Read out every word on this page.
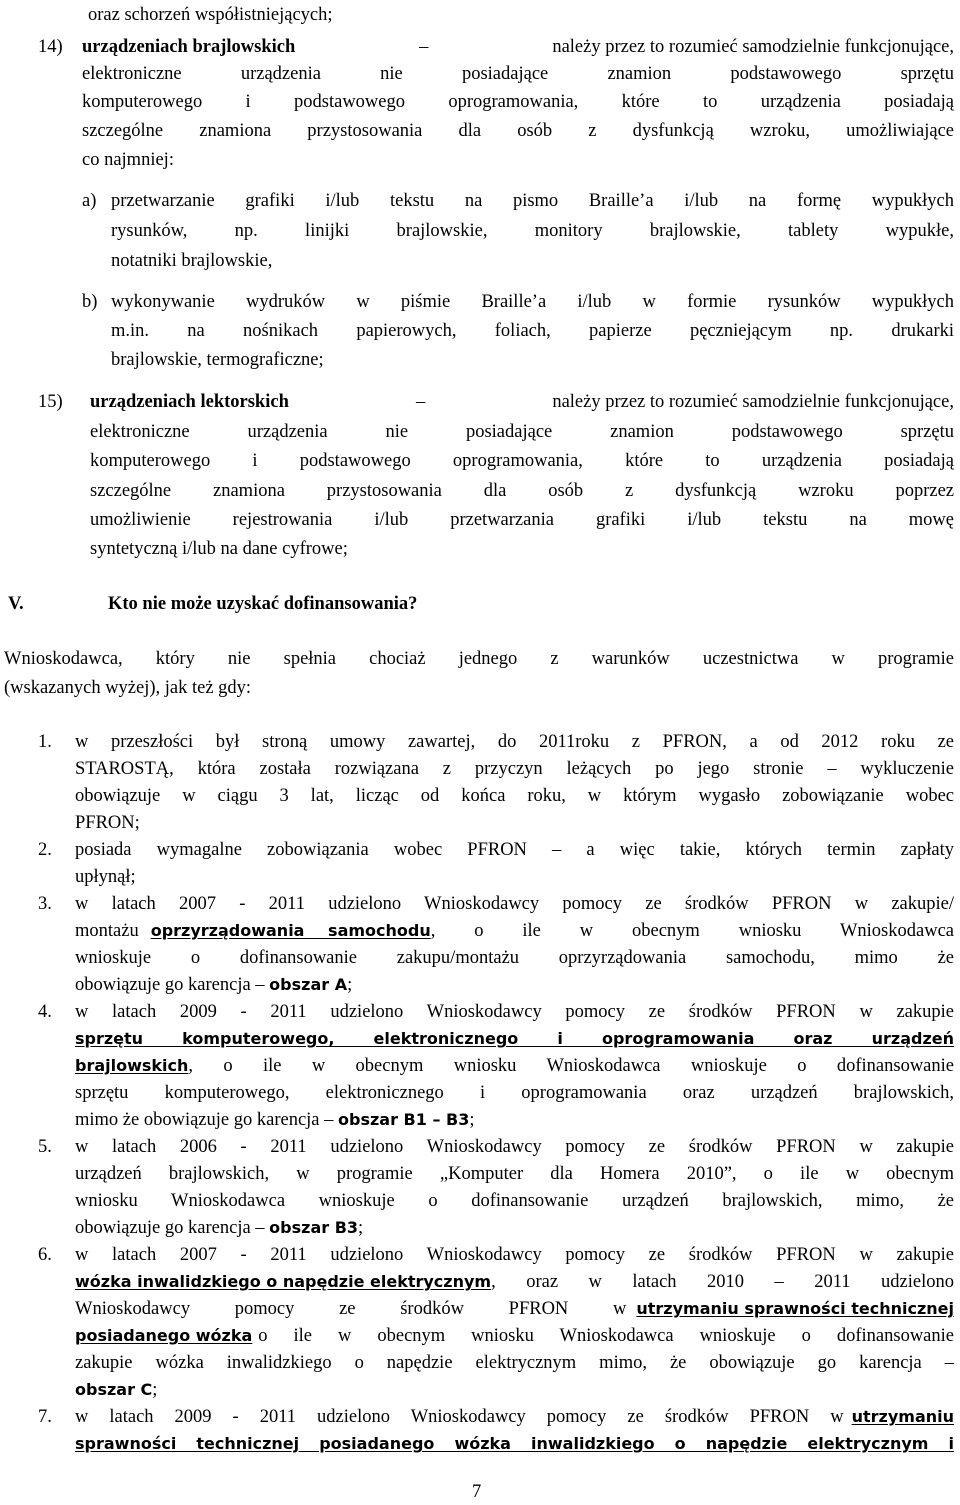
oraz schorzeń współistniejących;
14) urządzeniach brajlowskich	–	należy przez to rozumieć samodzielnie funkcjonujące,
elektroniczne urządzenia nie posiadające znamion podstawowego sprzętu
komputerowego i podstawowego oprogramowania, które to urządzenia posiadają
szczególne znamiona przystosowania dla osób z dysfunkcją wzroku, umożliwiające
co najmniej:
a) przetwarzanie grafiki i/lub tekstu na pismo Braille’a i/lub na formę wypukłych
rysunków, np. linijki brajlowskie, monitory brajlowskie, tablety wypukłe,
notatniki brajlowskie,
b) wykonywanie wydruków w piśmie Braille’a i/lub w formie rysunków wypukłych
m.in. na nośnikach papierowych, foliach, papierze pęczniejącym np. drukarki
brajlowskie, termograficzne;
15) urządzeniach lektorskich	–	należy przez to rozumieć samodzielnie funkcjonujące,
elektroniczne urządzenia nie posiadające znamion podstawowego sprzętu
komputerowego i podstawowego oprogramowania, które to urządzenia posiadają
szczególne znamiona przystosowania dla osób z dysfunkcją wzroku poprzez
umożliwienie rejestrowania i/lub przetwarzania grafiki i/lub tekstu na mowę
syntetyczną i/lub na dane cyfrowe;
V.	Kto nie może uzyskać dofinansowania?
Wnioskodawca, który nie spełnia chociaż jednego z warunków uczestnictwa w programie
(wskazanych wyżej), jak też gdy:
1. w przeszłości był stroną umowy zawartej, do 2011roku z PFRON, a od 2012 roku ze
STAROSTĄ, która została rozwiązana z przyczyn leżących po jego stronie – wykluczenie
obowiązuje w ciągu 3 lat, licząc od końca roku, w którym wygasło zobowiązanie wobec
PFRON;
2. posiada wymagalne zobowiązania wobec PFRON – a więc takie, których termin zapłaty
upłynął;
3. w latach 2007 - 2011 udzielono Wnioskodawcy pomocy ze środków PFRON w zakupie/
montażu oprzyrządowania samochodu , o ile w obecnym wniosku Wnioskodawca
wnioskuje o dofinansowanie zakupu/montażu oprzyrządowania samochodu, mimo że
obowiązuje go karencja – obszar A;
4. w latach 2009 - 2011 udzielono Wnioskodawcy pomocy ze środków PFRON w zakupie
sprzętu komputerowego, elektronicznego i oprogramowania oraz urządzeń
brajlowskich , o ile w obecnym wniosku Wnioskodawca wnioskuje o dofinansowanie
sprzętu komputerowego, elektronicznego i oprogramowania oraz urządzeń brajlowskich,
mimo że obowiązuje go karencja – obszar B1 – B3;
5. w latach 2006 - 2011 udzielono Wnioskodawcy pomocy ze środków PFRON w zakupie
urządzeń brajlowskich, w programie „Komputer dla Homera 2010”, o ile w obecnym
wniosku Wnioskodawca wnioskuje o dofinansowanie urządzeń brajlowskich, mimo, że
obowiązuje go karencja – obszar B3;
6. w latach 2007 - 2011 udzielono Wnioskodawcy pomocy ze środków PFRON w zakupie
wózka inwalidzkiego o napędzie elektrycznym , oraz w latach 2010 – 2011 udzielono
Wnioskodawcy pomocy ze środków PFRON w utrzymaniu sprawności technicznej
posiadanego wózka o ile w obecnym wniosku Wnioskodawca wnioskuje o dofinansowanie
zakupie wózka inwalidzkiego o napędzie elektrycznym mimo, że obowiązuje go karencja –
obszar C;
7. w latach 2009 - 2011 udzielono Wnioskodawcy pomocy ze środków PFRON w utrzymaniu
sprawności technicznej posiadanego wózka inwalidzkiego o napędzie elektrycznym i
7
